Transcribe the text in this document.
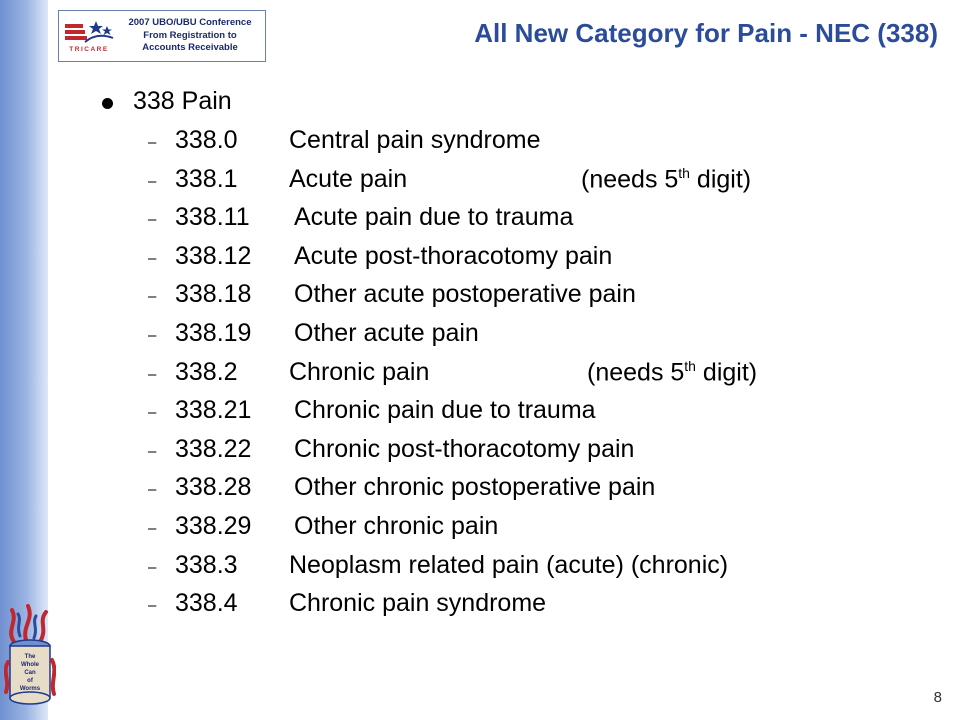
TRICARE
2007 UBO/UBU Conference
From Registration to
Accounts Receivable	All New Category for Pain - NEC (338)
338 Pain
– 338.0 Central pain syndrome
– 338.1 Acute pain	(needs 5th digit)
– 338.11 Acute pain due to trauma
– 338.12 Acute post-thoracotomy pain
– 338.18 Other acute postoperative pain
– 338.19 Other acute pain
– 338.2 Chronic pain	(needs 5th digit)
– 338.21 Chronic pain due to trauma
– 338.22 Chronic post-thoracotomy pain
– 338.28 Other chronic postoperative pain
– 338.29 Other chronic pain
– 338.3 Neoplasm related pain (acute) (chronic)
– 338.4 Chronic pain syndrome
The
Whole
Can
of
Worms	8
